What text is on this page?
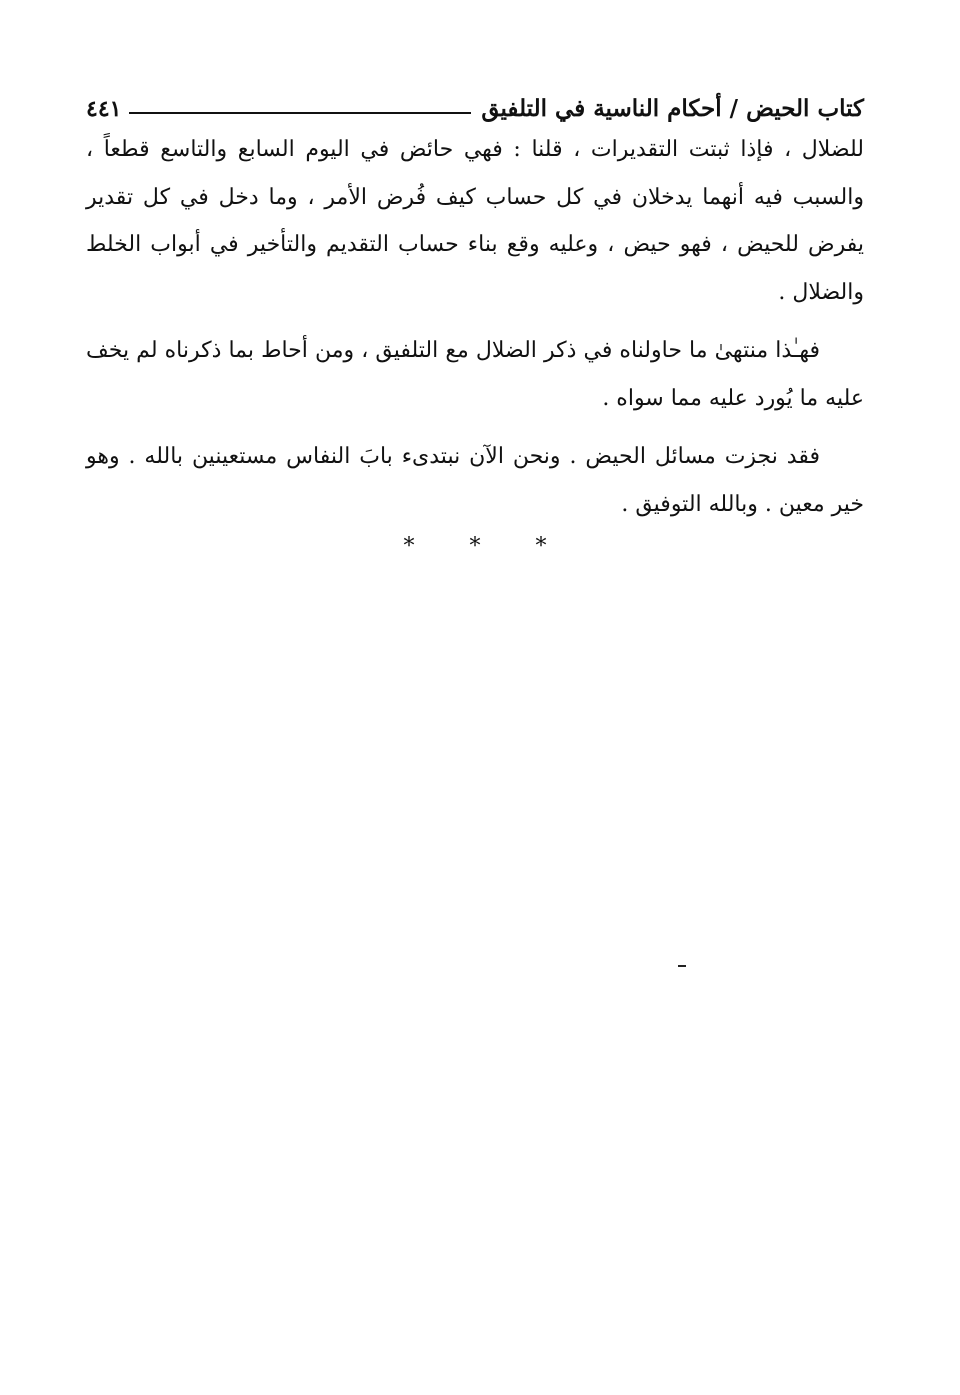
كتاب الحيض / أحكام الناسية في التلفيق
٤٤١

للضلال ، فإذا ثبتت التقديرات ، قلنا : فهي حائض في اليوم السابع والتاسع قطعاً ، والسبب فيه أنهما يدخلان في كل حساب كيف فُرض الأمر ، وما دخل في كل تقدير يفرض للحيض ، فهو حيض ، وعليه وقع بناء حساب التقديم والتأخير في أبواب الخلط والضلال .

فهـٰذا منتهىٰ ما حاولناه في ذكر الضلال مع التلفيق ، ومن أحاط بما ذكرناه لم يخف عليه ما يُورد عليه مما سواه .

فقد نجزت مسائل الحيض . ونحن الآن نبتدىء بابَ النفاس مستعينين بالله . وهو خير معين . وبالله التوفيق .

* * *
